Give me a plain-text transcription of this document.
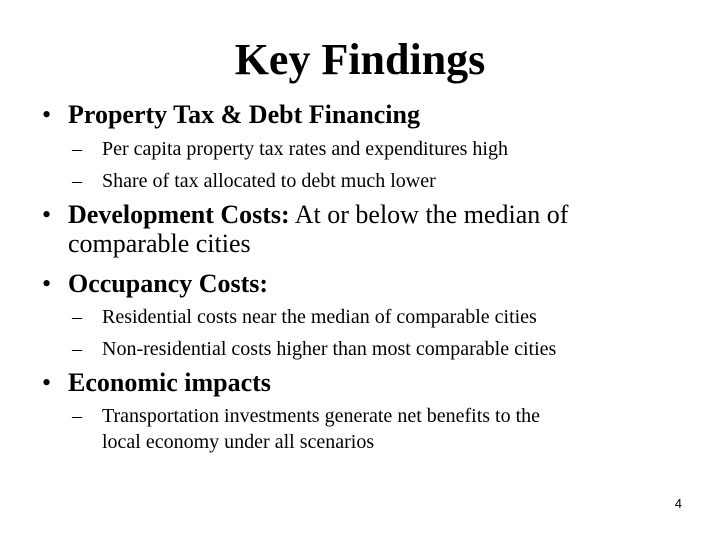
Key Findings
• Property Tax & Debt Financing
– Per capita property tax rates and expenditures high
– Share of tax allocated to debt much lower
• Development Costs: At or below the median of
comparable cities
• Occupancy Costs:
– Residential costs near the median of comparable cities
– Non-residential costs higher than most comparable cities
• Economic impacts
– Transportation investments generate net benefits to the
local economy under all scenarios
4
